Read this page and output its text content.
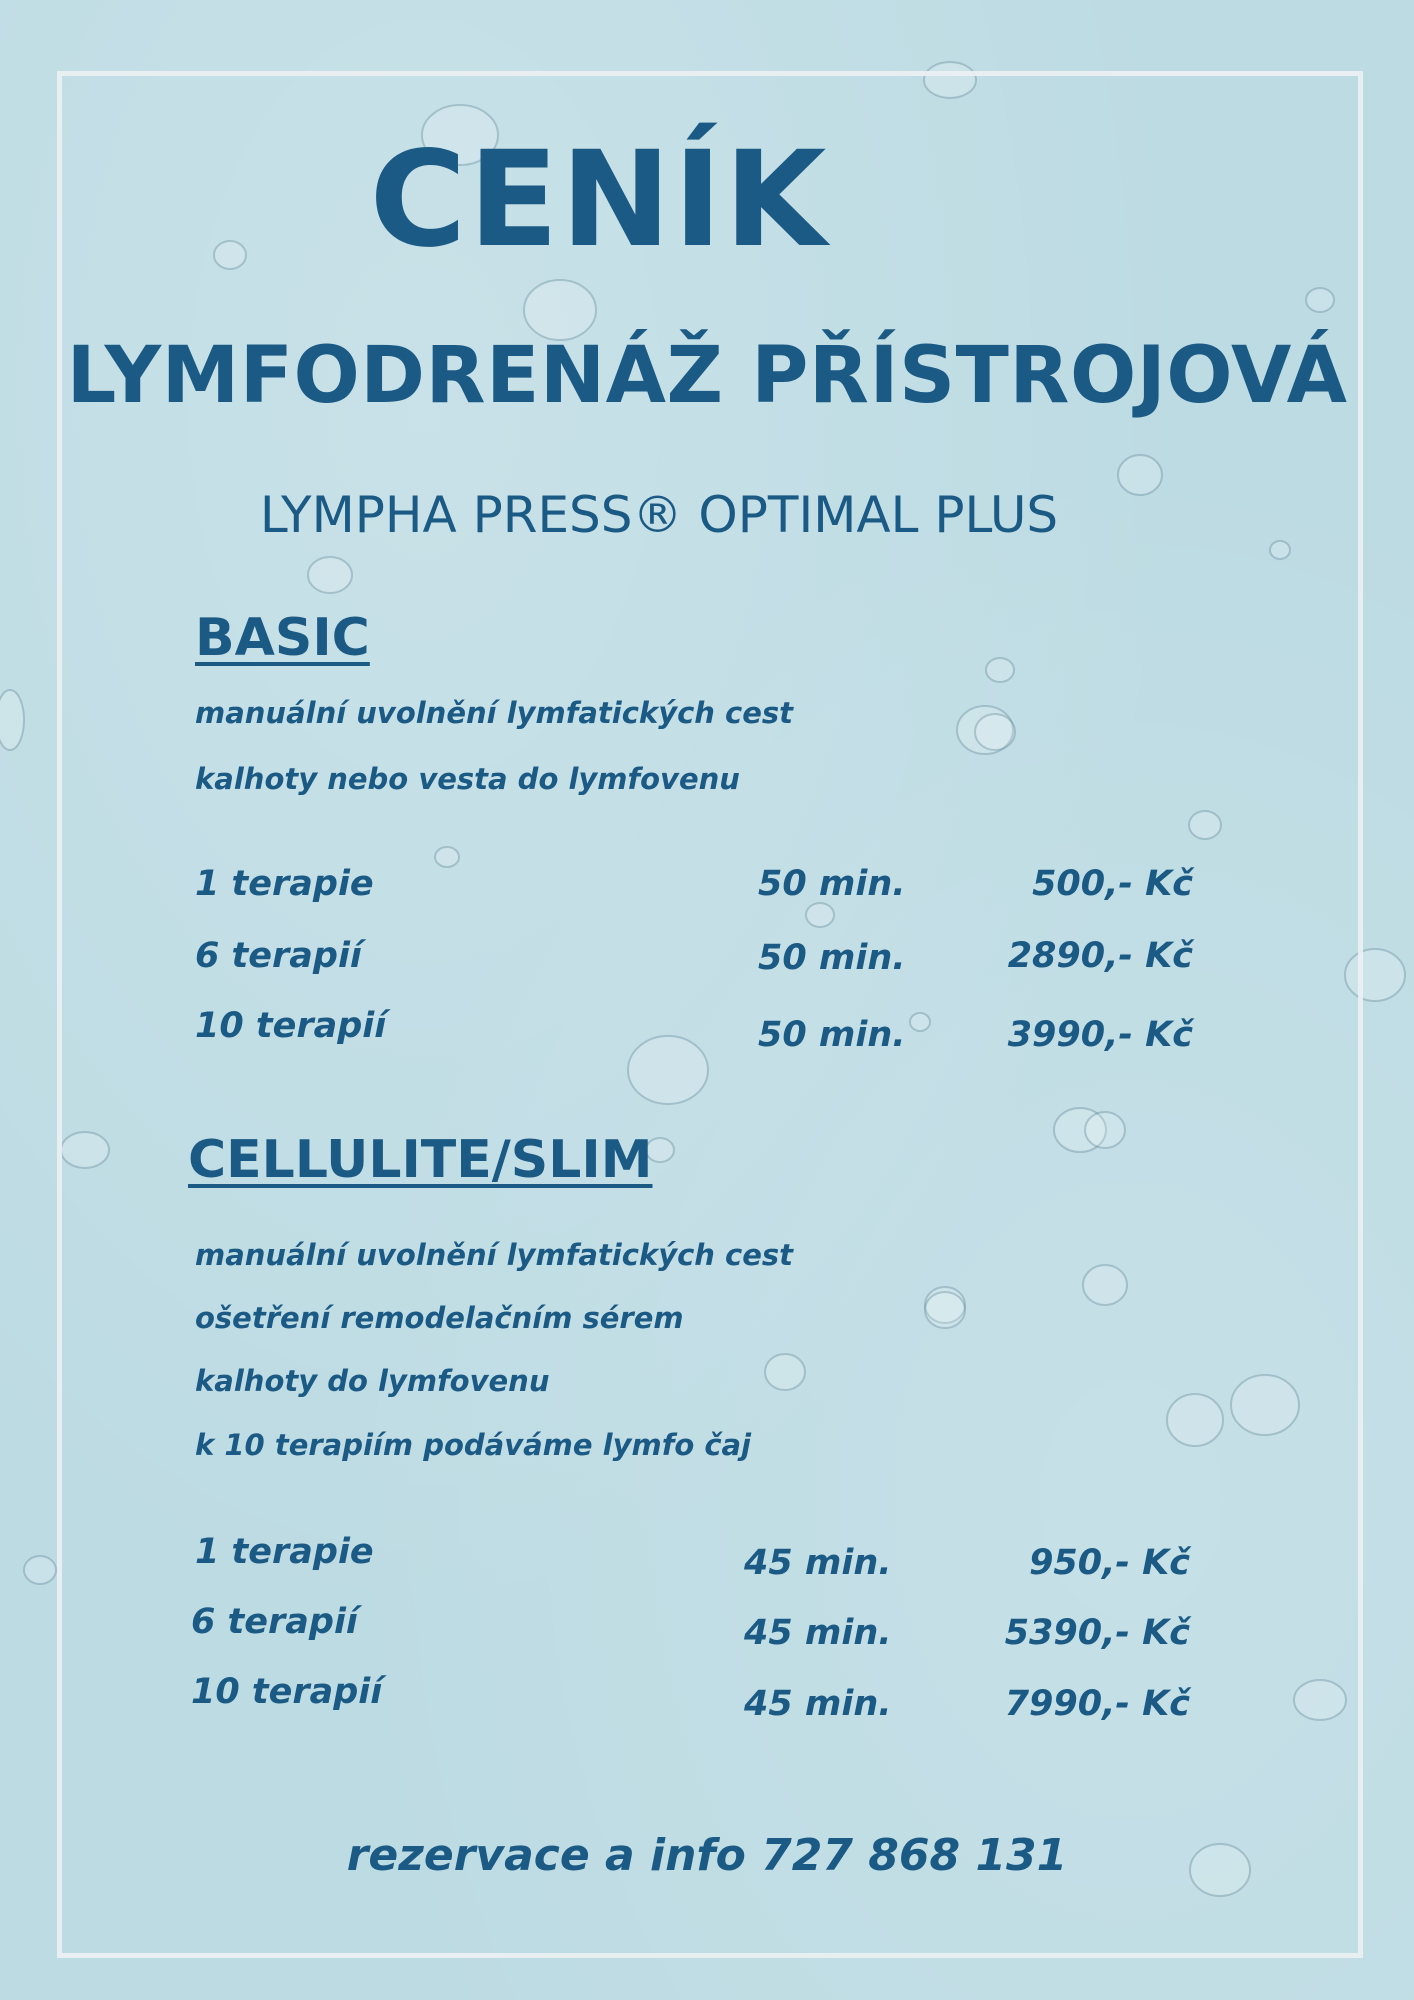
CENÍK
LYMFODRENÁŽ PŘÍSTROJOVÁ
LYMPHA PRESS® OPTIMAL PLUS
BASIC

manuální uvolnění lymfatických cest

kalhoty nebo vesta do lymfovenu

1 terapie	50 min.	500,- Kč

6 terapií	50 min.	2890,- Kč

10 terapií	50 min.	3990,- Kč

CELLULITE/SLIM

manuální uvolnění lymfatických cest

ošetření remodelačním sérem

kalhoty do lymfovenu

k 10 terapiím podáváme lymfo čaj

1 terapie	45 min.	950,- Kč

6 terapií	45 min.	5390,- Kč

10 terapií	45 min.	7990,- Kč

rezervace a info 727 868 131
